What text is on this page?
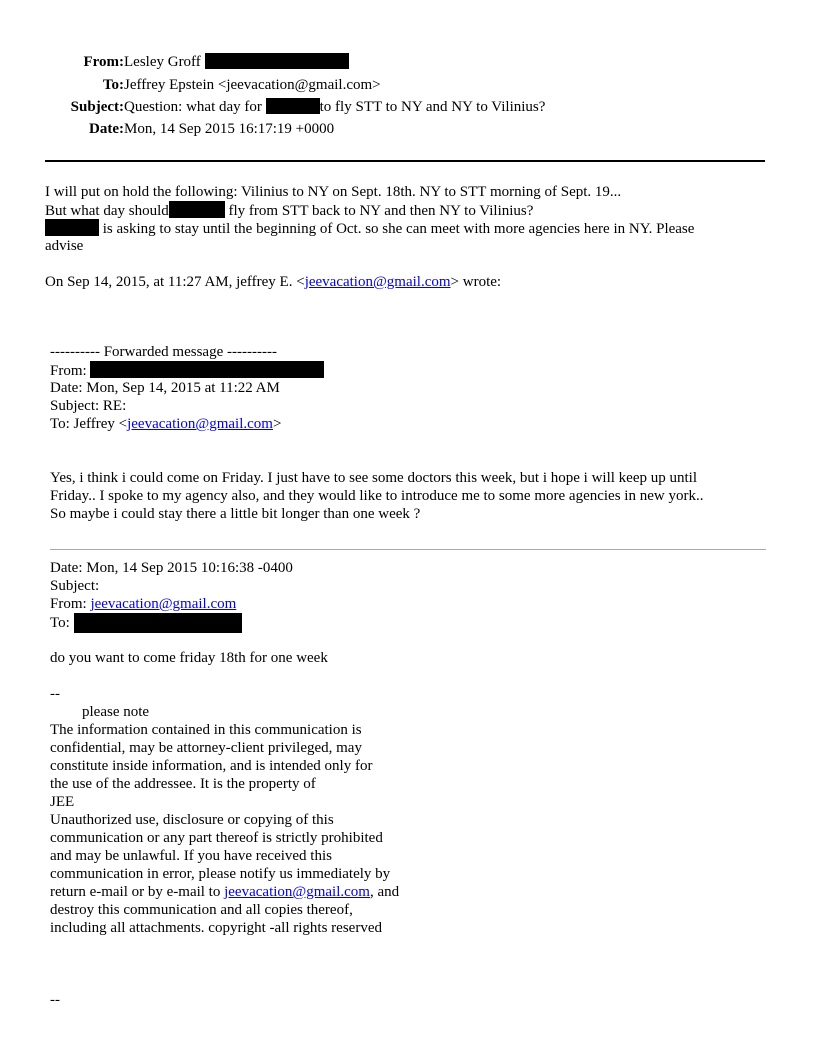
From: Lesley Groff
To: Jeffrey Epstein <jeevacation@gmail.com>
Subject: Question: what day for	to fly STT to NY and NY to Vilinius?
Date: Mon, 14 Sep 2015 16:17:19 +0000
I will put on hold the following: Vilinius to NY on Sept. 18th. NY to STT morning of Sept. 19...
But what day should	fly from STT back to NY and then NY to Vilinius?
is asking to stay until the beginning of Oct. so she can meet with more agencies here in NY. Please
advise
On Sep 14, 2015, at 11:27 AM, jeffrey E. <jeevacation@gmail.com> wrote:
---------- Forwarded message ----------
From:
Date: Mon, Sep 14, 2015 at 11:22 AM
Subject: RE:
To: Jeffrey <jeevacation@gmail.com>
Yes, i think i could come on Friday. I just have to see some doctors this week, but i hope i will keep up until
Friday.. I spoke to my agency also, and they would like to introduce me to some more agencies in new york..
So maybe i could stay there a little bit longer than one week ?
Date: Mon, 14 Sep 2015 10:16:38 -0400
Subject:
From: jeevacation@gmail.com
To:
do you want to come friday 18th for one week
--
please note
The information contained in this communication is
confidential, may be attorney-client privileged, may
constitute inside information, and is intended only for
the use of the addressee. It is the property of
JEE
Unauthorized use, disclosure or copying of this
communication or any part thereof is strictly prohibited
and may be unlawful. If you have received this
communication in error, please notify us immediately by
return e-mail or by e-mail to jeevacation@gmail.com, and
destroy this communication and all copies thereof,
including all attachments. copyright -all rights reserved
--
